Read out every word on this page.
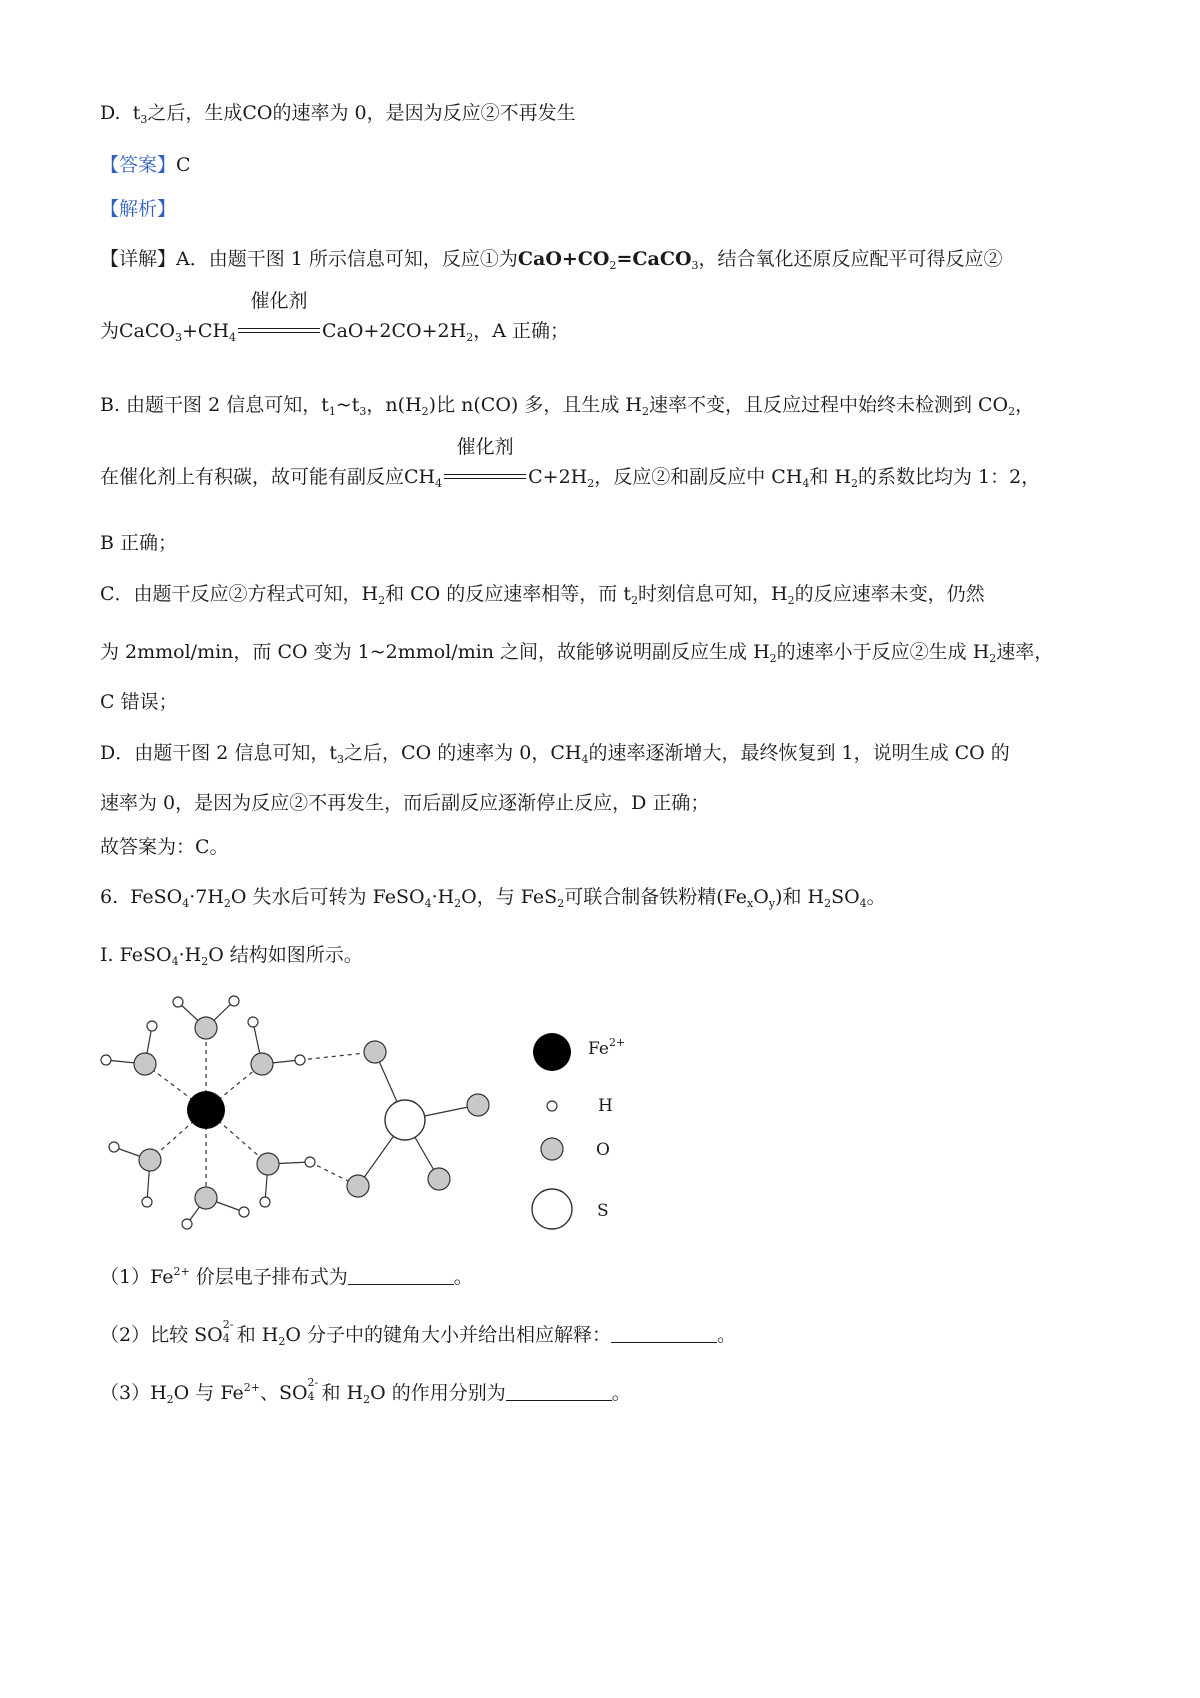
D. $t_3$之后，生成CO的速率为 0，是因为反应②不再发生
【答案】C
【解析】
【详解】A．由题干图 1 所示信息可知，反应①为$CaO+CO_2=CaCO_3$，结合氧化还原反应配平可得反应②
为$CaCO_3+CH_4$
催化剂
$CaO+2CO+2H_2$，A 正确；
B. 由题干图 2 信息可知，$t_1\sim t_3$，$n(H_2)$比 n(CO) 多，且生成 $H_2$速率不变，且反应过程中始终未检测到 $CO_2$，
在催化剂上有积碳，故可能有副反应$CH_4$
催化剂
$C+2H_2$，反应②和副反应中 $CH_4$和 $H_2$的系数比均为 1：2，
B 正确；
C．由题干反应②方程式可知，$H_2$和 CO 的反应速率相等，而 $t_2$时刻信息可知，$H_2$的反应速率未变，仍然
为 2mmol/min，而 CO 变为 1~2mmol/min 之间，故能够说明副反应生成 $H_2$的速率小于反应②生成 $H_2$速率，
C 错误；
D．由题干图 2 信息可知，$t_3$之后，CO 的速率为 0，$CH_4$的速率逐渐增大，最终恢复到 1，说明生成 CO 的
速率为 0，是因为反应②不再发生，而后副反应逐渐停止反应，D 正确；
故答案为：C。
6. $FeSO_4\cdot 7H_2O$ 失水后可转为 $FeSO_4\cdot H_2O$，与 FeS$_2$可联合制备铁粉精$(Fe_xO_y)$和 $H_2SO_4$。
I. $FeSO_4\cdot H_2O$ 结构如图所示。
$Fe^{2+}$
H
O
S
$(1)Fe^{2+}$ 价层电子排布式为	。
（2）比较 SO 2-
4 和 $H_2O$ 分子中的键角大小并给出相应解释：	。
$(3)H_2O$ 与 $Fe^{2+}$、SO 2-
4 和 $H_2O$ 的作用分别为	。
